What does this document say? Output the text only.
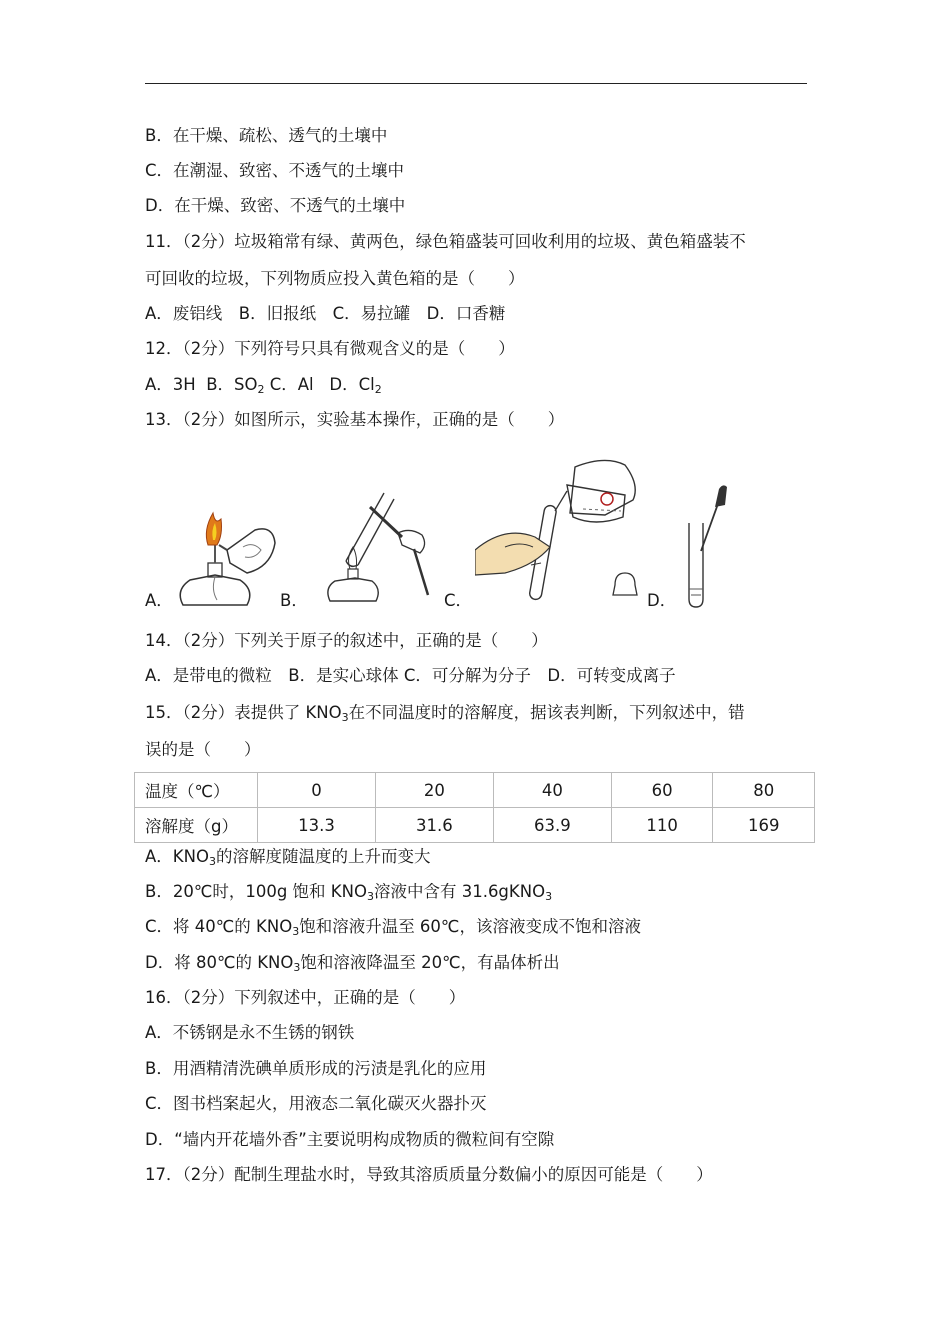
B．在干燥、疏松、透气的土壤中
C．在潮湿、致密、不透气的土壤中
D．在干燥、致密、不透气的土壤中
11．（2分）垃圾箱常有绿、黄两色，绿色箱盛装可回收利用的垃圾、黄色箱盛装不
可回收的垃圾，下列物质应投入黄色箱的是（　　）
A．废铝线　B．旧报纸　C．易拉罐　D．口香糖
12．（2分）下列符号只具有微观含义的是（　　）
A．3H B．$SO_2$ C．Al D．$Cl_2$
13．（2分）如图所示，实验基本操作，正确的是（　　）
A．	B．	C．	D．
14．（2分）下列关于原子的叙述中，正确的是（　　）
A．是带电的微粒　B．是实心球体 C．可分解为分子　D．可转变成离子
15．（2分）表提供了 $KNO_3$在不同温度时的溶解度，据该表判断，下列叙述中，错
误的是（　　）
温度（℃）	0	20	40	60	80
溶解度（g）	13.3	31.6	63.9	110	169
A．$KNO_3$的溶解度随温度的上升而变大
B．20℃时，100g 饱和 $KNO_3$溶液中含有 31.6gKNO$_3$
C．将 40℃的 $KNO_3$饱和溶液升温至 60℃，该溶液变成不饱和溶液
D．将 80℃的 $KNO_3$饱和溶液降温至 20℃，有晶体析出
16．（2分）下列叙述中，正确的是（　　）
A．不锈钢是永不生锈的钢铁
B．用酒精清洗碘单质形成的污渍是乳化的应用
C．图书档案起火，用液态二氧化碳灭火器扑灭
D．“墙内开花墙外香”主要说明构成物质的微粒间有空隙
17．（2分）配制生理盐水时，导致其溶质质量分数偏小的原因可能是（　　）
